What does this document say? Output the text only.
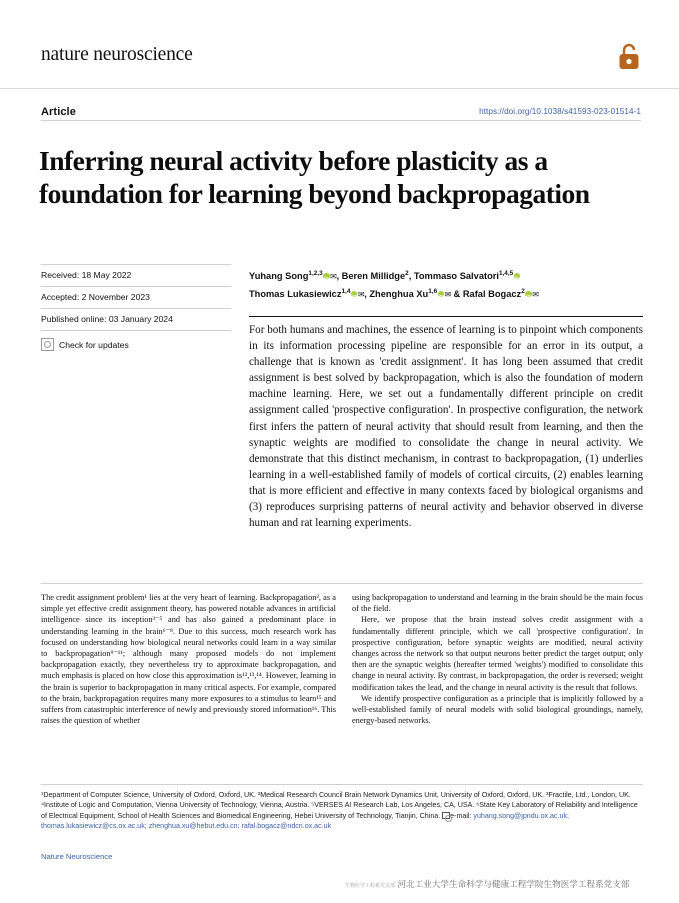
nature neuroscience
Article	https://doi.org/10.1038/s41593-023-01514-1
Inferring neural activity before plasticity as a foundation for learning beyond backpropagation
Received: 18 May 2022
Accepted: 2 November 2023
Published online: 03 January 2024
Check for updates
Yuhang Song$^{1,2,3}$ iD ✉, Beren Millidge$^2$, Tommaso Salvatori$^{1,4,5}$iD
Thomas Lukasiewicz$^{1,4}$ iD ✉, Zhenghua Xu$^{1,6}$ iD ✉ & Rafal Bogacz$^2$ iD ✉
For both humans and machines, the essence of learning is to pinpoint which components in its information processing pipeline are responsible for an error in its output, a challenge that is known as 'credit assignment'. It has long been assumed that credit assignment is best solved by backpropagation, which is also the foundation of modern machine learning. Here, we set out a fundamentally different principle on credit assignment called 'prospective configuration'. In prospective configuration, the network first infers the pattern of neural activity that should result from learning, and then the synaptic weights are modified to consolidate the change in neural activity. We demonstrate that this distinct mechanism, in contrast to backpropagation, (1) underlies learning in a well-established family of models of cortical circuits, (2) enables learning that is more efficient and effective in many contexts faced by biological organisms and (3) reproduces surprising patterns of neural activity and behavior observed in diverse human and rat learning experiments.

The credit assignment problem¹ lies at the very heart of learning. Backpropagation², as a simple yet effective credit assignment theory, has powered notable advances in artificial intelligence since its inception³⁻⁵ and has also gained a predominant place in understanding learning in the brain⁶⁻⁸. Due to this success, much research work has focused on understanding how biological neural networks could learn in a way similar to backpropagation⁹⁻¹¹; although many proposed models do not implement backpropagation exactly, they nevertheless try to approximate backpropagation, and much emphasis is placed on how close this approximation is¹²,¹³,¹⁴. However, learning in the brain is superior to backpropagation in many critical aspects. For example, compared to the brain, backpropagation requires many more exposures to a stimulus to learn¹⁵ and suffers from catastrophic interference of newly and previously stored information¹⁶. This raises the question of whether

using backpropagation to understand and learning in the brain should be the main focus of the field.

Here, we propose that the brain instead solves credit assignment with a fundamentally different principle, which we call 'prospective configuration'. In prospective configuration, before synaptic weights are modified, neural activity changes across the network so that output neurons better predict the target output; only then are the synaptic weights (hereafter termed 'weights') modified to consolidate this change in neural activity. By contrast, in backpropagation, the order is reversed; weight modification takes the lead, and the change in neural activity is the result that follows.

We identify prospective configuration as a principle that is implicitly followed by a well-established family of neural models with solid biological groundings, namely, energy-based networks.

¹Department of Computer Science, University of Oxford, Oxford, UK. ²Medical Research Council Brain Network Dynamics Unit, University of Oxford, Oxford, UK. ³Fractile, Ltd., London, UK. ⁴Institute of Logic and Computation, Vienna University of Technology, Vienna, Austria. ⁵VERSES AI Research Lab, Los Angeles, CA, USA. ⁶State Key Laboratory of Reliability and Intelligence of Electrical Equipment, School of Health Sciences and Biomedical Engineering, Hebei University of Technology, Tianjin, China. e-mail: yuhang.song@jpndu.ox.ac.uk; thomas.lukasiewicz@cs.ox.ac.uk; zhenghua.xu@hebut.edu.cn; rafal.bogacz@ndcn.ox.ac.uk
Nature Neuroscience
生物医学工程系党支部 河北工业大学生命科学与健康工程学院生物医学工程系党支部
